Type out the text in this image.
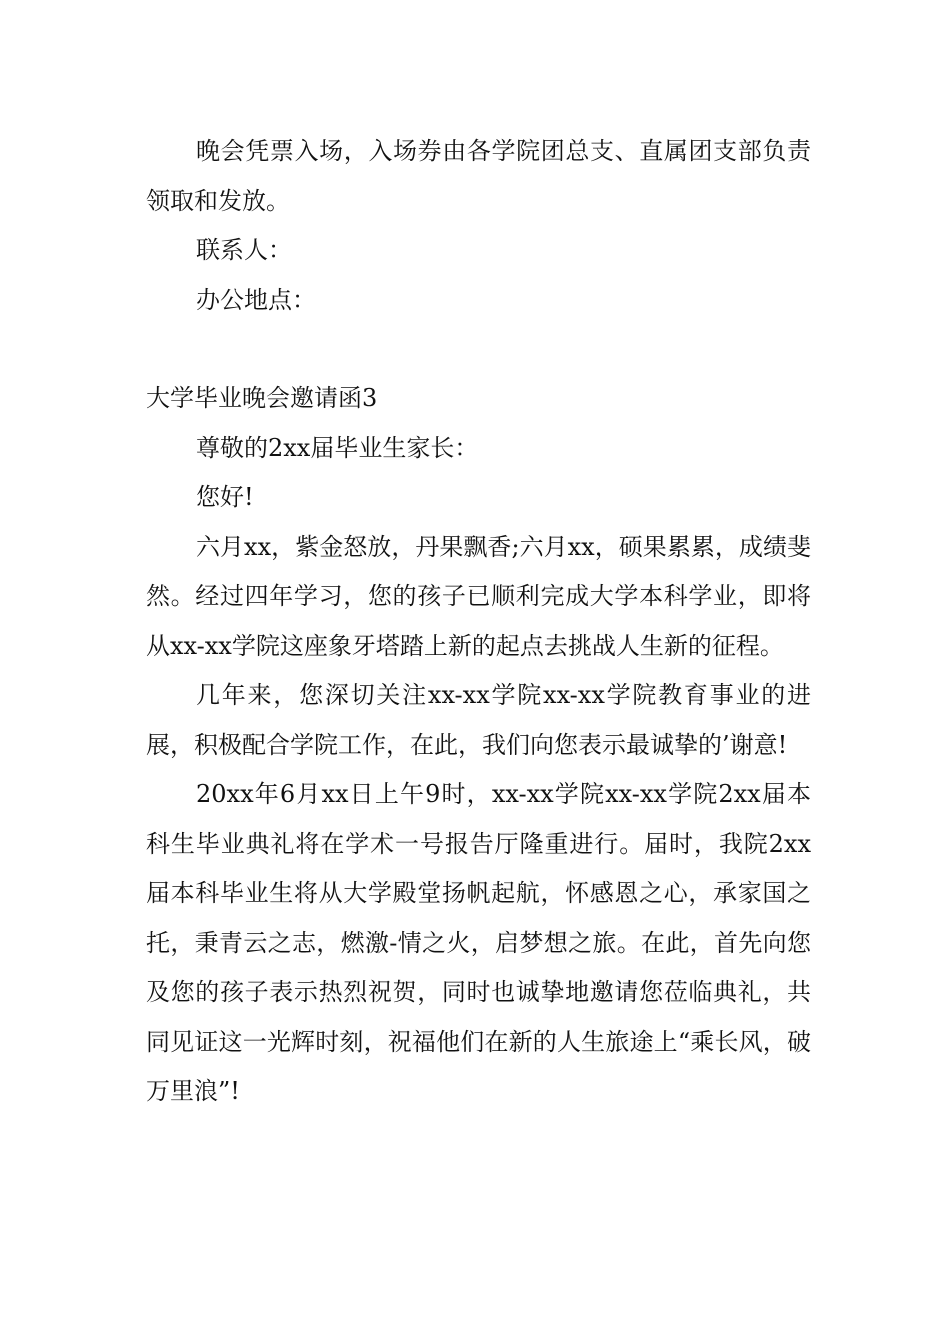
晚会凭票入场，入场券由各学院团总支、直属团支部负责领取和发放。

联系人：

办公地点：

大学毕业晚会邀请函3

尊敬的2xx届毕业生家长：

您好!

六月xx，紫金怒放，丹果飘香;六月xx，硕果累累，成绩斐然。经过四年学习，您的孩子已顺利完成大学本科学业，即将从xx-xx学院这座象牙塔踏上新的起点去挑战人生新的征程。

几年来，您深切关注xx-xx学院xx-xx学院教育事业的进展，积极配合学院工作，在此，我们向您表示最诚挚的’谢意!

20xx年6月xx日上午9时，xx-xx学院xx-xx学院2xx届本科生毕业典礼将在学术一号报告厅隆重进行。届时，我院2xx届本科毕业生将从大学殿堂扬帆起航，怀感恩之心，承家国之托，秉青云之志，燃激-情之火，启梦想之旅。在此，首先向您及您的孩子表示热烈祝贺，同时也诚挚地邀请您莅临典礼，共同见证这一光辉时刻，祝福他们在新的人生旅途上“乘长风，破万里浪”!
